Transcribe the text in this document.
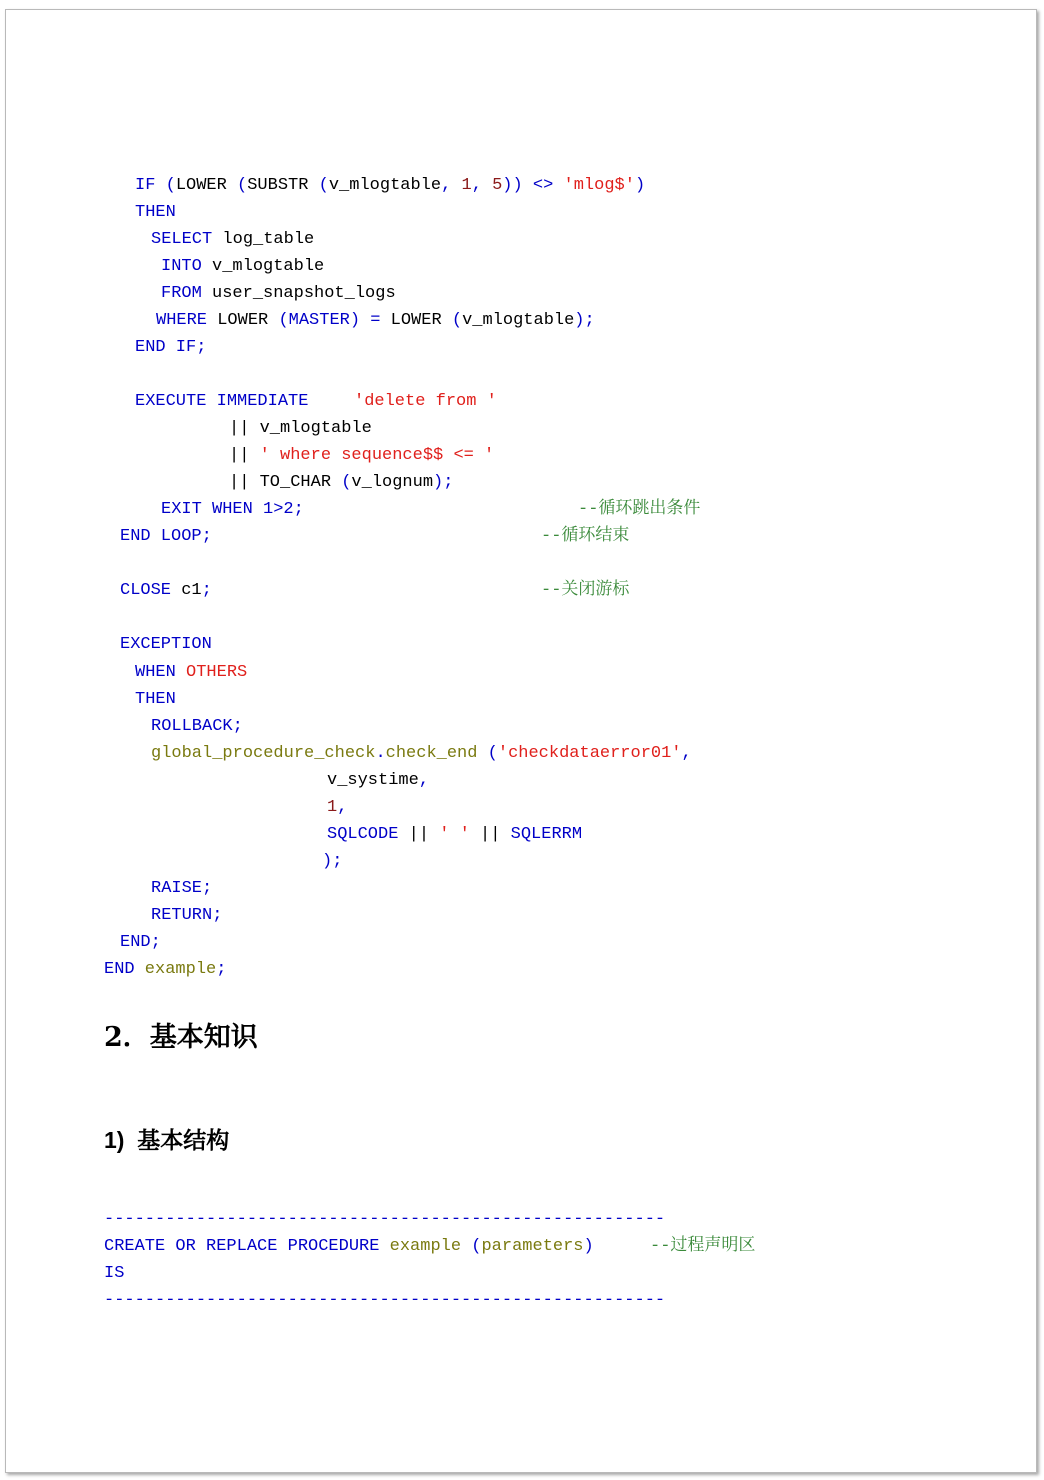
IF (LOWER (SUBSTR (v_mlogtable, 1, 5)) <> 'mlog$')
THEN
SELECT log_table
INTO v_mlogtable
FROM user_snapshot_logs
WHERE LOWER (MASTER) = LOWER (v_mlogtable);
END IF;
EXECUTE IMMEDIATE	'delete from '
|| v_mlogtable
|| ' where sequence$$ <= '
|| TO_CHAR (v_lognum);
EXIT WHEN 1>2;	--循环跳出条件
END LOOP;	--循环结束
CLOSE c1;	--关闭游标
EXCEPTION
WHEN OTHERS
THEN
ROLLBACK;
global_procedure_check.check_end ('checkdataerror01',
v_systime,
1,
SQLCODE || ' ' || SQLERRM
);
RAISE;
RETURN;
END;
END example;
2．基本知识
1)  基本结构
-------------------------------------------------------
CREATE OR REPLACE PROCEDURE example (parameters)	--过程声明区
IS
-------------------------------------------------------
